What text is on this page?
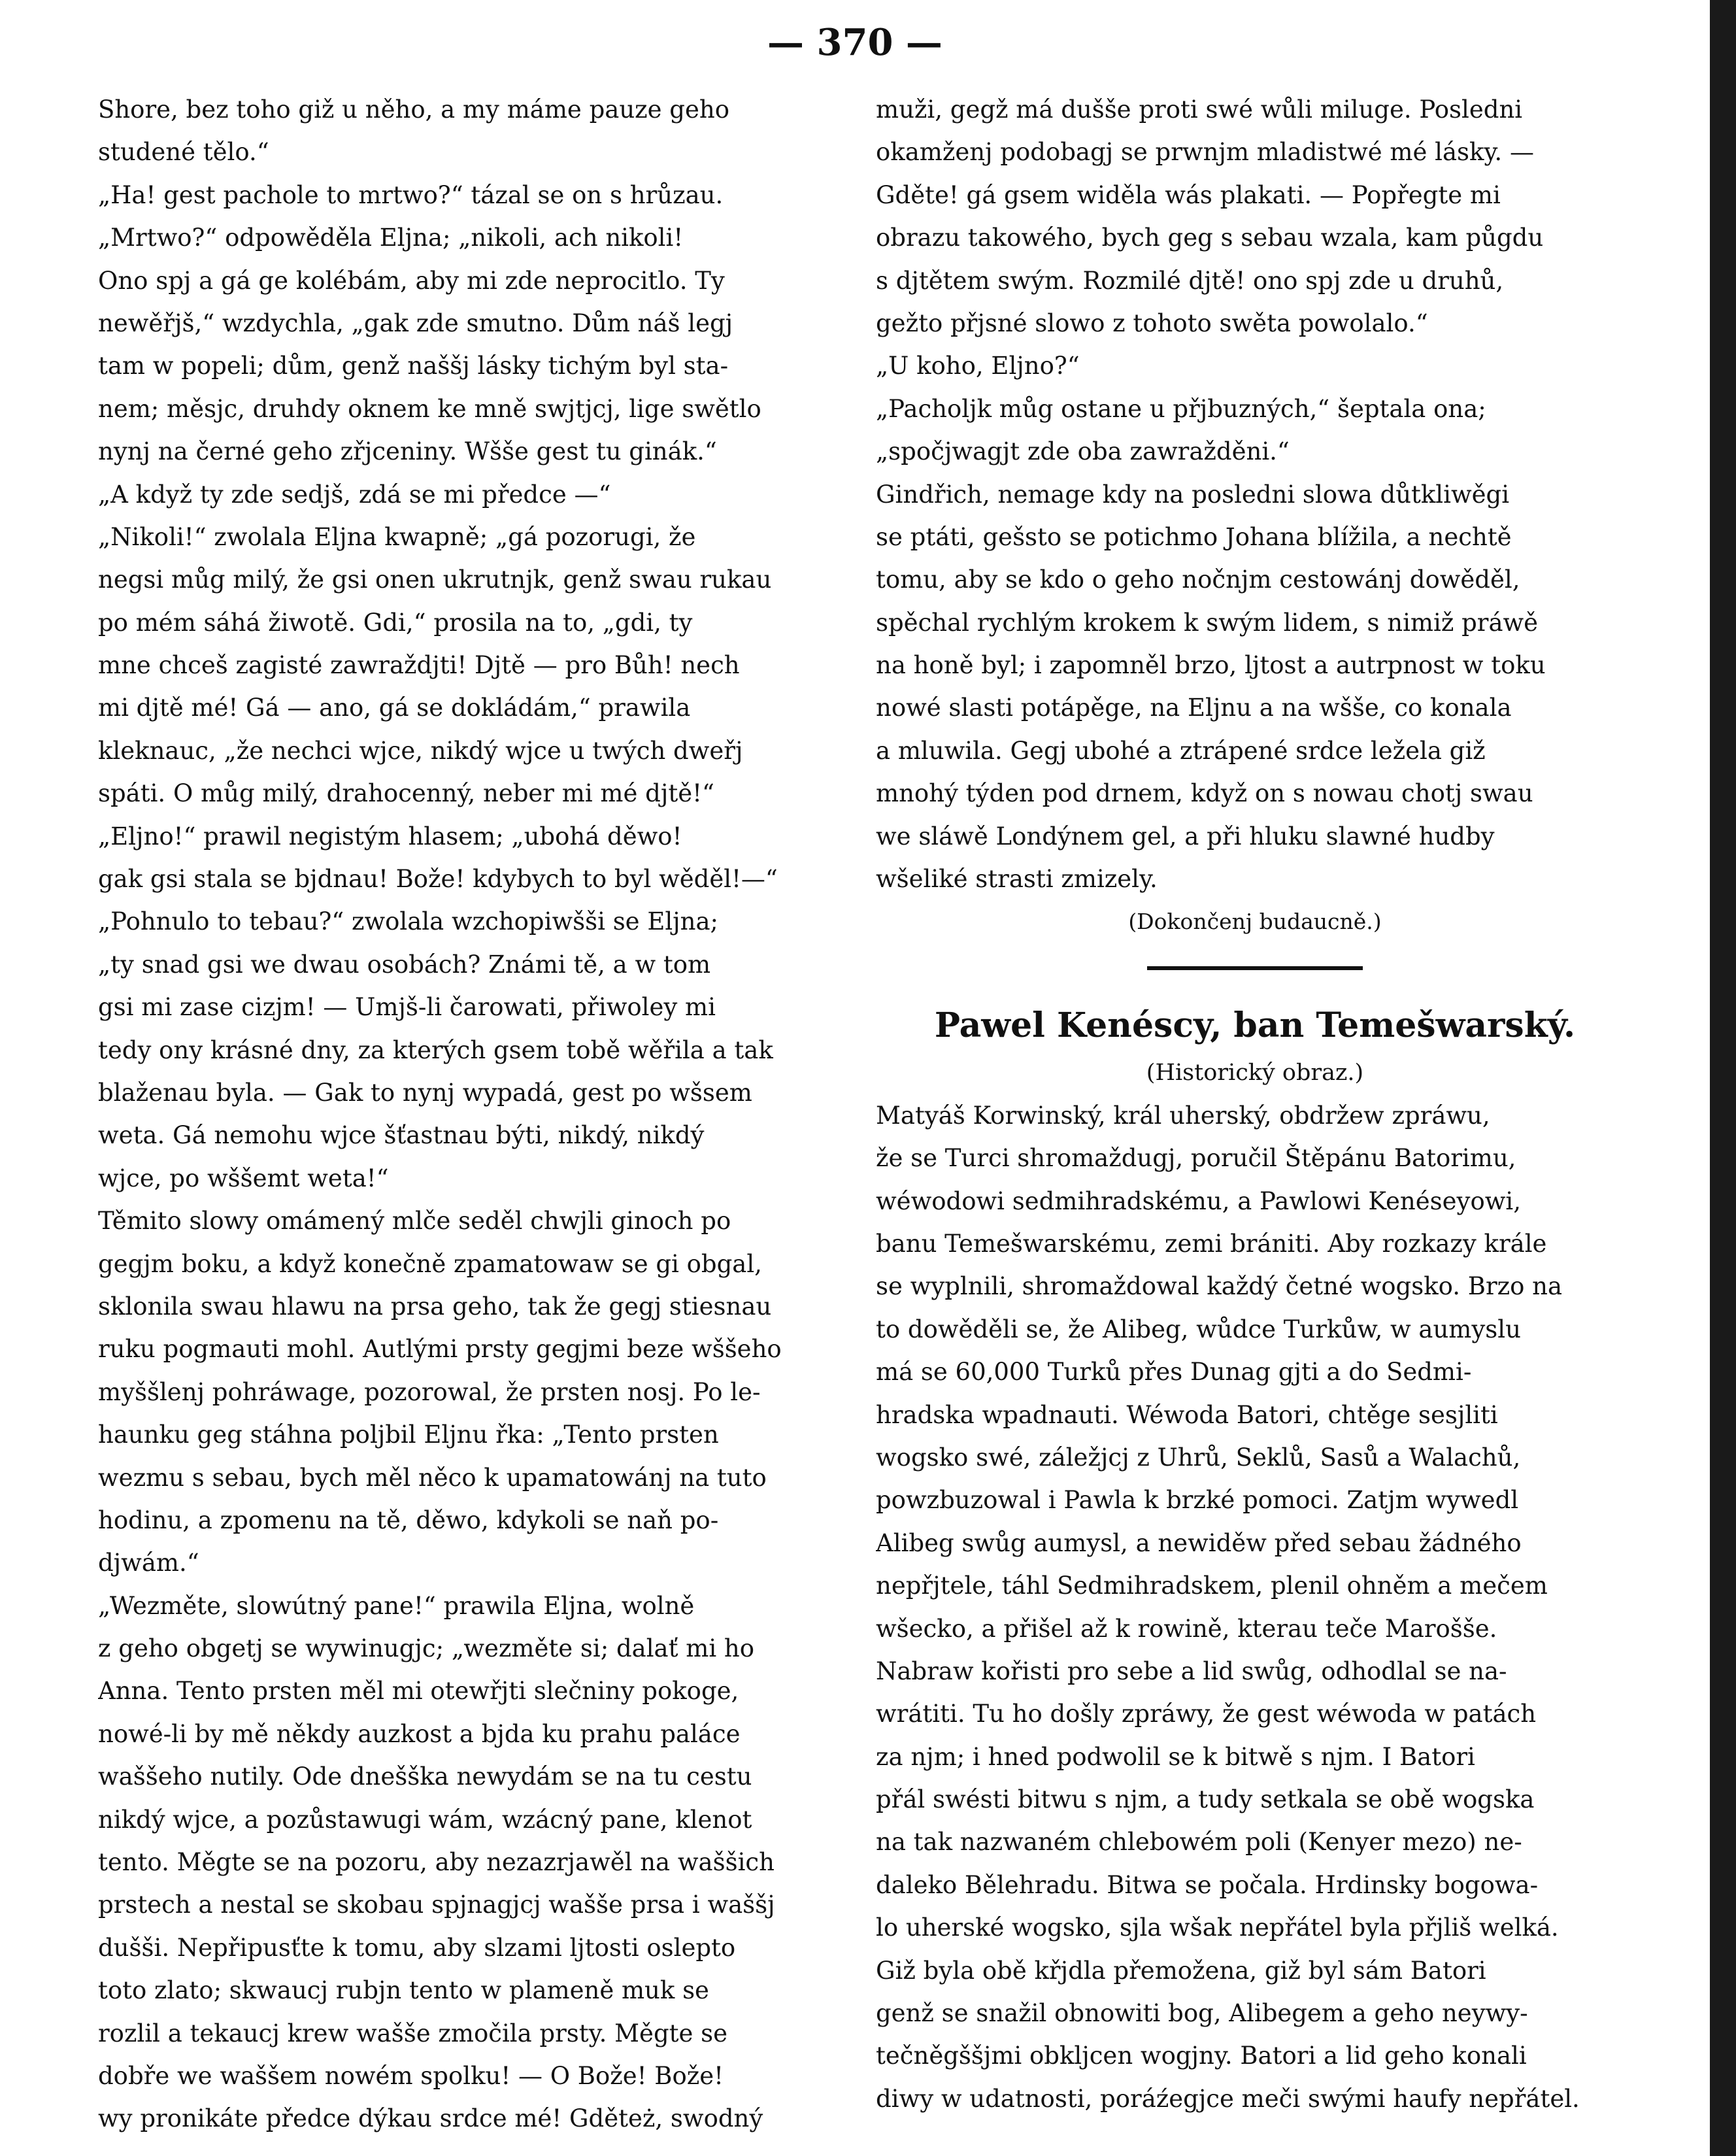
— 370 —
Shore, bez toho giž u něho, a my máme pauze geho
studené tělo.“
„Ha! gest pachole to mrtwo?“ tázal se on s hrůzau.
„Mrtwo?“ odpowěděla Eljna; „nikoli, ach nikoli!
Ono spj a gá ge kolébám, aby mi zde neprocitlo. Ty
newěřjš,“ wzdychla, „gak zde smutno. Dům náš legj
tam w popeli; dům, genž naššj lásky tichým byl sta-
nem; měsjc, druhdy oknem ke mně swjtjcj, lige swětlo
nynj na černé geho zřjceniny. Wšše gest tu ginák.“
„A když ty zde sedjš, zdá se mi předce —“
„Nikoli!“ zwolala Eljna kwapně; „gá pozorugi, že
negsi můg milý, že gsi onen ukrutnjk, genž swau rukau
po mém sáhá žiwotě. Gdi,“ prosila na to, „gdi, ty
mne chceš zagisté zawraždjti! Djtě — pro Bůh! nech
mi djtě mé! Gá — ano, gá se dokládám,“ prawila
kleknauc, „že nechci wjce, nikdý wjce u twých dweřj
spáti. O můg milý, drahocenný, neber mi mé djtě!“
„Eljno!“ prawil negistým hlasem; „ubohá děwo!
gak gsi stala se bjdnau! Bože! kdybych to byl wěděl!—“
„Pohnulo to tebau?“ zwolala wzchopiwšši se Eljna;
„ty snad gsi we dwau osobách? Známi tě, a w tom
gsi mi zase cizjm! — Umjš-li čarowati, přiwoley mi
tedy ony krásné dny, za kterých gsem tobě wěřila a tak
blaženau byla. — Gak to nynj wypadá, gest po wšsem
weta. Gá nemohu wjce šťastnau býti, nikdý, nikdý
wjce, po wššemt weta!“
Těmito slowy omámený mlče seděl chwjli ginoch po
gegjm boku, a když konečně zpamatowaw se gi obgal,
sklonila swau hlawu na prsa geho, tak že gegj stiesnau
ruku pogmauti mohl. Autlými prsty gegjmi beze wššeho
myššlenj pohráwage, pozorowal, že prsten nosj. Po le-
haunku geg stáhna poljbil Eljnu řka: „Tento prsten
wezmu s sebau, bych měl něco k upamatowánj na tuto
hodinu, a zpomenu na tě, děwo, kdykoli se naň po-
djwám.“
„Wezměte, slowútný pane!“ prawila Eljna, wolně
z geho obgetj se wywinugjc; „wezměte si; dalať mi ho
Anna. Tento prsten měl mi otewřjti slečniny pokoge,
nowé-li by mě někdy auzkost a bjda ku prahu paláce
waššeho nutily. Ode dnešška newydám se na tu cestu
nikdý wjce, a pozůstawugi wám, wzácný pane, klenot
tento. Měgte se na pozoru, aby nezazrjawěl na waššich
prstech a nestal se skobau spjnagjcj wašše prsa i waššj
dušši. Nepřipusťte k tomu, aby slzami ljtosti oslepto
toto zlato; skwaucj rubjn tento w plameně muk se
rozlil a tekaucj krew wašše zmočila prsty. Měgte se
dobře we waššem nowém spolku! — O Bože! Bože!
wy pronikáte předce dýkau srdce mé! Gděteż, swodný
muži, gegž má dušše proti swé wůli miluge. Posledni
okamženj podobagj se prwnjm mladistwé mé lásky. —
Gděte! gá gsem widěla wás plakati. — Popřegte mi
obrazu takowého, bych geg s sebau wzala, kam půgdu
s djtětem swým. Rozmilé djtě! ono spj zde u druhů,
gežto přjsné slowo z tohoto swěta powolalo.“
„U koho, Eljno?“
„Pacholjk můg ostane u přjbuzných,“ šeptala ona;
„spočjwagjt zde oba zawražděni.“
Gindřich, nemage kdy na posledni slowa důtkliwěgi
se ptáti, gešsto se potichmo Johana blížila, a nechtě
tomu, aby se kdo o geho nočnjm cestowánj dowěděl,
spěchal rychlým krokem k swým lidem, s nimiž práwě
na honě byl; i zapomněl brzo, ljtost a autrpnost w toku
nowé slasti potápěge, na Eljnu a na wšše, co konala
a mluwila. Gegj ubohé a ztrápené srdce ležela giž
mnohý týden pod drnem, když on s nowau chotj swau
we sláwě Londýnem gel, a při hluku slawné hudby
wšeliké strasti zmizely.
(Dokončenj budaucně.)
Pawel Kenéscy, ban Temešwarský.
(Historický obraz.)
Matyáš Korwinský, král uherský, obdržew zpráwu,
že se Turci shromaždugj, poručil Štěpánu Batorimu,
wéwodowi sedmihradskému, a Pawlowi Kenéseyowi,
banu Temešwarskému, zemi brániti. Aby rozkazy krále
se wyplnili, shromaždowal každý četné wogsko. Brzo na
to dowěděli se, že Alibeg, wůdce Turkůw, w aumyslu
má se 60,000 Turků přes Dunag gjti a do Sedmi-
hradska wpadnauti. Wéwoda Batori, chtěge sesjliti
wogsko swé, záležjcj z Uhrů, Seklů, Sasů a Walachů,
powzbuzowal i Pawla k brzké pomoci. Zatjm wywedl
Alibeg swůg aumysl, a newiděw před sebau žádného
nepřjtele, táhl Sedmihradskem, plenil ohněm a mečem
wšecko, a přišel až k rowině, kterau teče Marošše.
Nabraw kořisti pro sebe a lid swůg, odhodlal se na-
wrátiti. Tu ho došly zpráwy, že gest wéwoda w patách
za njm; i hned podwolil se k bitwě s njm. I Batori
přál swésti bitwu s njm, a tudy setkala se obě wogska
na tak nazwaném chlebowém poli (Kenyer mezo) ne-
daleko Bělehradu. Bitwa se počala. Hrdinsky bogowa-
lo uherské wogsko, sjla wšak nepřátel byla přjliš welká.
Giž byla obě křjdla přemožena, giž byl sám Batori
genž se snažil obnowiti bog, Alibegem a geho neywy-
tečněgššjmi obkljcen wogjny. Batori a lid geho konali
diwy w udatnosti, poráźegjce meči swými haufy nepřátel.
